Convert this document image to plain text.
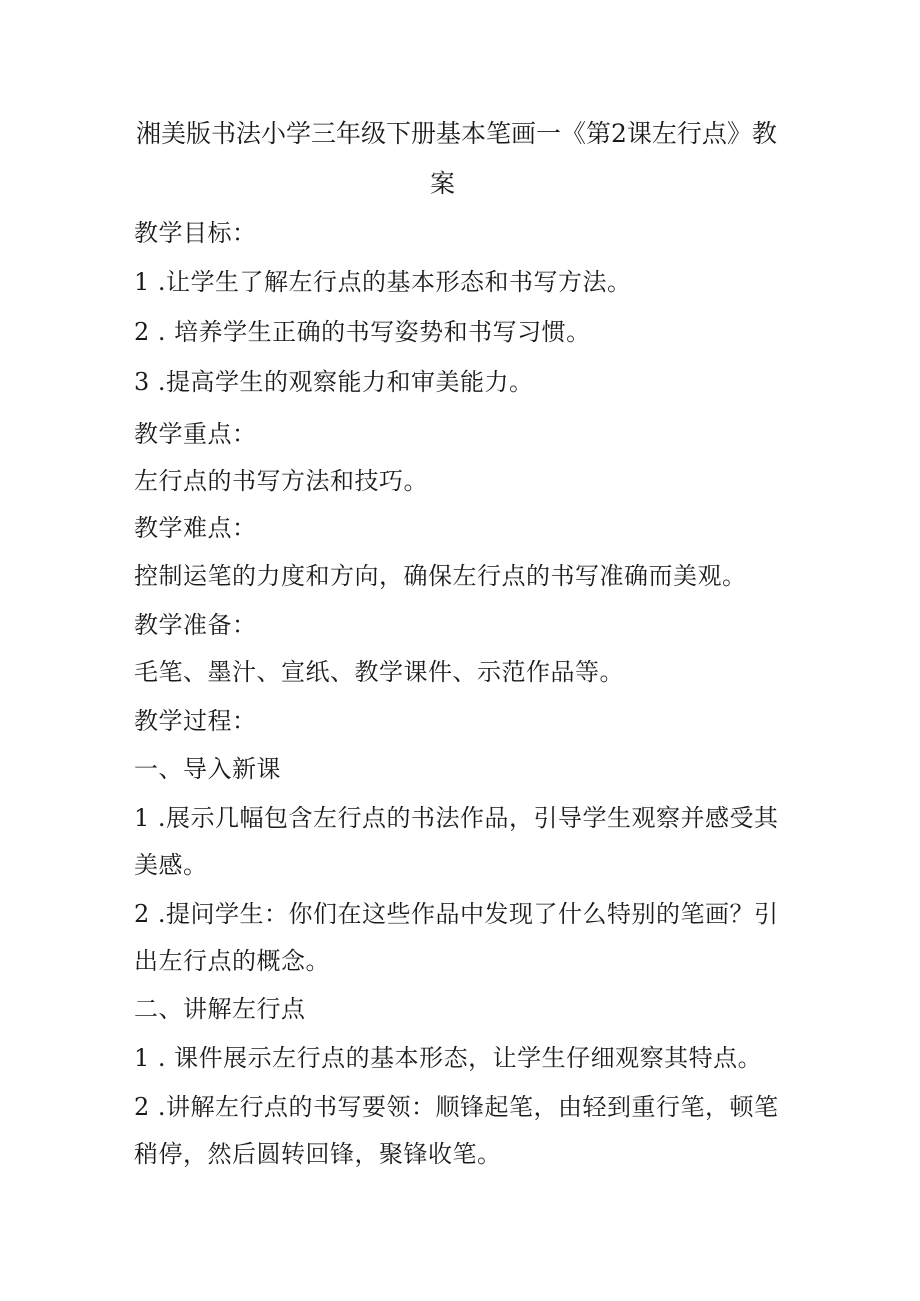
湘美版书法小学三年级下册基本笔画一《第2课左行点》教
案
教学目标：
1 .让学生了解左行点的基本形态和书写方法。
2 . 培养学生正确的书写姿势和书写习惯。
3 .提高学生的观察能力和审美能力。
教学重点：
左行点的书写方法和技巧。
教学难点：
控制运笔的力度和方向，确保左行点的书写准确而美观。
教学准备：
毛笔、墨汁、宣纸、教学课件、示范作品等。
教学过程：
一、导入新课
1 .展示几幅包含左行点的书法作品，引导学生观察并感受其
美感。
2 .提问学生：你们在这些作品中发现了什么特别的笔画？引
出左行点的概念。
二、讲解左行点
1 . 课件展示左行点的基本形态，让学生仔细观察其特点。
2 .讲解左行点的书写要领：顺锋起笔，由轻到重行笔，顿笔
稍停，然后圆转回锋，聚锋收笔。
